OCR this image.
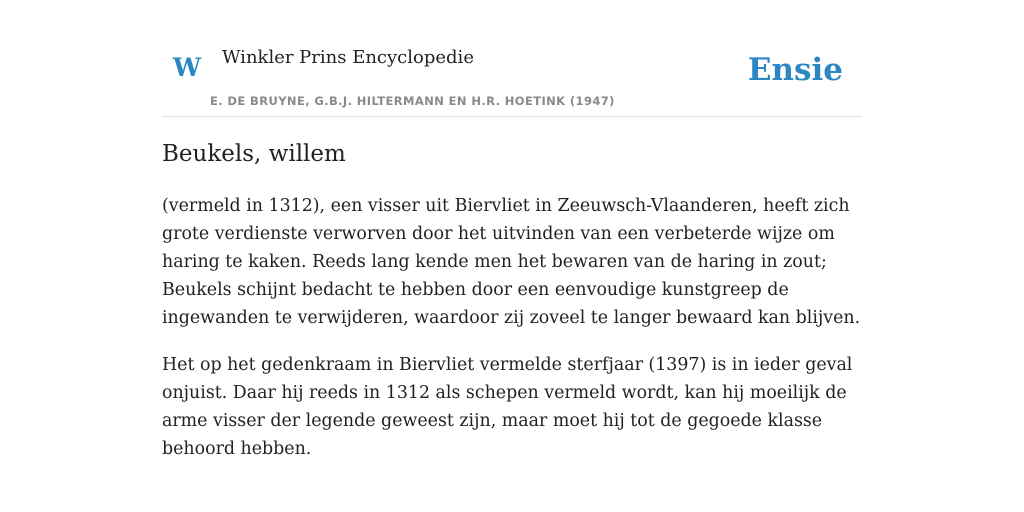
W Winkler Prins Encyclopedie
E. DE BRUYNE, G.B.J. HILTERMANN EN H.R. HOETINK (1947)
Ensie
Beukels, willem

(vermeld in 1312), een visser uit Biervliet in Zeeuwsch-Vlaanderen, heeft zich grote verdienste verworven door het uitvinden van een verbeterde wijze om haring te kaken. Reeds lang kende men het bewaren van de haring in zout; Beukels schijnt bedacht te hebben door een eenvoudige kunstgreep de ingewanden te verwijderen, waardoor zij zoveel te langer bewaard kan blijven.

Het op het gedenkraam in Biervliet vermelde sterfjaar (1397) is in ieder geval onjuist. Daar hij reeds in 1312 als schepen vermeld wordt, kan hij moeilijk de arme visser der legende geweest zijn, maar moet hij tot de gegoede klasse behoord hebben.
